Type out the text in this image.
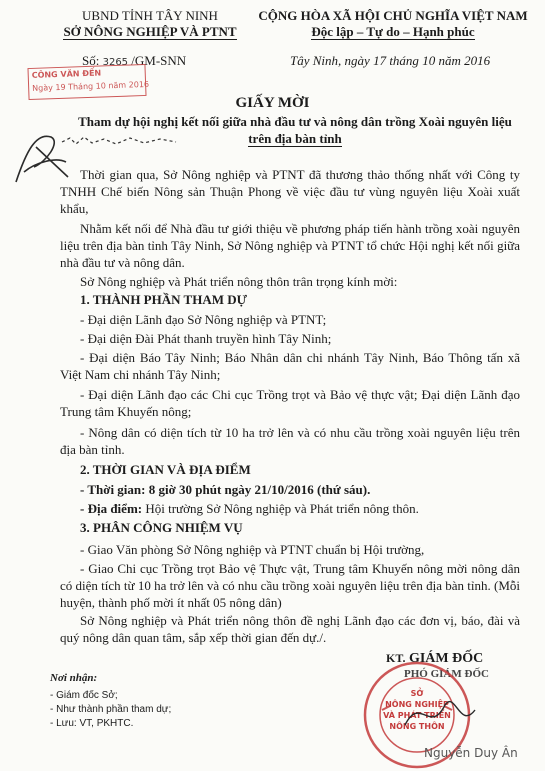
UBND TỈNH TÂY NINH
SỞ NÔNG NGHIỆP VÀ PTNT
CỘNG HÒA XÃ HỘI CHỦ NGHĨA VIỆT NAM
Độc lập – Tự do – Hạnh phúc
Số: 3265 /GM-SNN	Tây Ninh, ngày 17 tháng 10 năm 2016
CÔNG VĂN ĐẾN
Ngày 19 Tháng 10 năm 2016
GIẤY MỜI
Tham dự hội nghị kết nối giữa nhà đầu tư và nông dân trồng Xoài nguyên liệu
trên địa bàn tỉnh
Thời gian qua, Sở Nông nghiệp và PTNT đã thương thảo thống nhất với Công ty TNHH Chế biến Nông sản Thuận Phong về việc đầu tư vùng nguyên liệu Xoài xuất khẩu,
Nhằm kết nối để Nhà đầu tư giới thiệu về phương pháp tiến hành trồng xoài nguyên liệu trên địa bàn tỉnh Tây Ninh, Sở Nông nghiệp và PTNT tổ chức Hội nghị kết nối giữa nhà đầu tư và nông dân.
Sở Nông nghiệp và Phát triển nông thôn trân trọng kính mời:
1. THÀNH PHẦN THAM DỰ
- Đại diện Lãnh đạo Sở Nông nghiệp và PTNT;
- Đại diện Đài Phát thanh truyền hình Tây Ninh;
- Đại diện Báo Tây Ninh; Báo Nhân dân chi nhánh Tây Ninh, Báo Thông tấn xã Việt Nam chi nhánh Tây Ninh;
- Đại diện Lãnh đạo các Chi cục Trồng trọt và Bảo vệ thực vật; Đại diện Lãnh đạo Trung tâm Khuyến nông;
- Nông dân có diện tích từ 10 ha trở lên và có nhu cầu trồng xoài nguyên liệu trên địa bàn tỉnh.
2. THỜI GIAN VÀ ĐỊA ĐIỂM
- Thời gian: 8 giờ 30 phút ngày 21/10/2016 (thứ sáu).
- Địa điểm: Hội trường Sở Nông nghiệp và Phát triển nông thôn.
3. PHÂN CÔNG NHIỆM VỤ
- Giao Văn phòng Sở Nông nghiệp và PTNT chuẩn bị Hội trường,
- Giao Chi cục Trồng trọt Bảo vệ Thực vật, Trung tâm Khuyến nông mời nông dân có diện tích từ 10 ha trở lên và có nhu cầu trồng xoài nguyên liệu trên địa bàn tỉnh. (Mỗi huyện, thành phố mời ít nhất 05 nông dân)
Sở Nông nghiệp và Phát triển nông thôn đề nghị Lãnh đạo các đơn vị, báo, đài và quý nông dân quan tâm, sắp xếp thời gian đến dự./.
Nơi nhận:
- Giám đốc Sở;
- Như thành phần tham dự;
- Lưu: VT, PKHTC.
KT. GIÁM ĐỐC
PHÓ GIÁM ĐỐC
SỞ
NÔNG NGHIỆP
VÀ PHÁT TRIỂN
NÔNG THÔN
Nguyễn Duy Ân
